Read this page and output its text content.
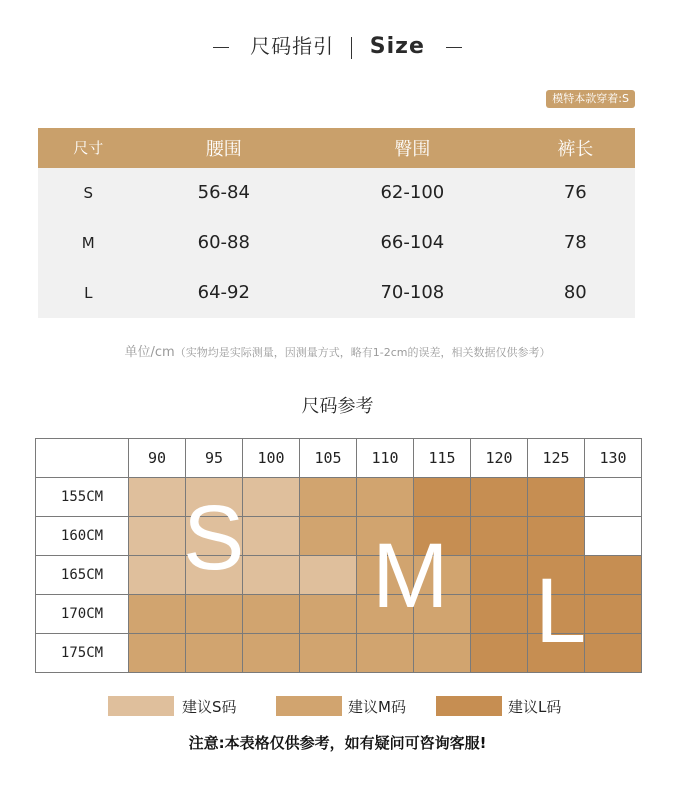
尺码指引 Size
模特本款穿着:S
尺寸	腰围	臀围	裤长
S	56-84	62-100	76
M	60-88	66-104	78
L	64-92	70-108	80
单位/cm（实物均是实际测量，因测量方式，略有1-2cm的误差，相关数据仅供参考）
尺码参考
	90	95	100	105	110	115	120	125	130
155CM									
160CM									
165CM									
170CM									
175CM									
S M L
建议S码	建议M码	建议L码
注意:本表格仅供参考，如有疑问可咨询客服!
